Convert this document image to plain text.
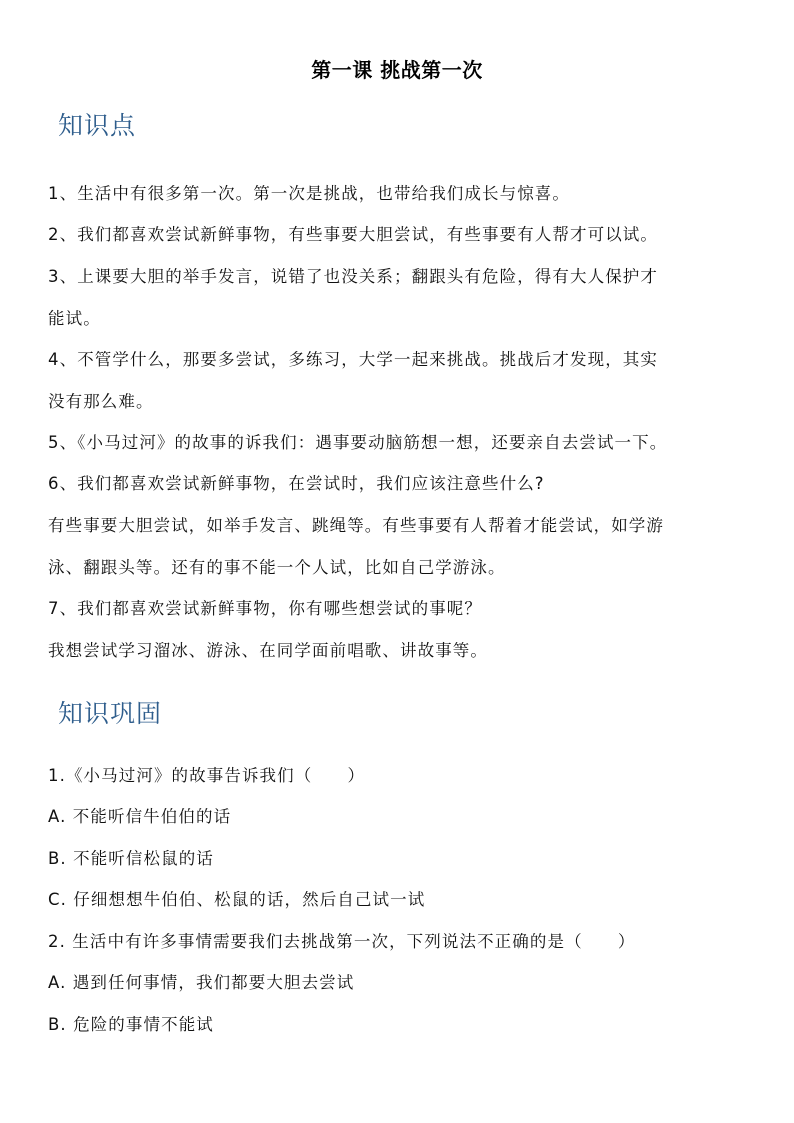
第一课 挑战第一次
知识点
1、生活中有很多第一次。第一次是挑战，也带给我们成长与惊喜。
2、我们都喜欢尝试新鲜事物，有些事要大胆尝试，有些事要有人帮才可以试。
3、上课要大胆的举手发言，说错了也没关系；翻跟头有危险，得有大人保护才
能试。
4、不管学什么，那要多尝试，多练习，大学一起来挑战。挑战后才发现，其实
没有那么难。
5、《小马过河》的故事的诉我们：遇事要动脑筋想一想，还要亲自去尝试一下。
6、我们都喜欢尝试新鲜事物，在尝试时，我们应该注意些什么?
有些事要大胆尝试，如举手发言、跳绳等。有些事要有人帮着才能尝试，如学游
泳、翻跟头等。还有的事不能一个人试，比如自己学游泳。
7、我们都喜欢尝试新鲜事物，你有哪些想尝试的事呢？
我想尝试学习溜冰、游泳、在同学面前唱歌、讲故事等。
知识巩固
1.《小马过河》的故事告诉我们（　　）
A. 不能听信牛伯伯的话
B. 不能听信松鼠的话
C. 仔细想想牛伯伯、松鼠的话，然后自己试一试
2. 生活中有许多事情需要我们去挑战第一次，下列说法不正确的是（　　）
A. 遇到任何事情，我们都要大胆去尝试
B. 危险的事情不能试
